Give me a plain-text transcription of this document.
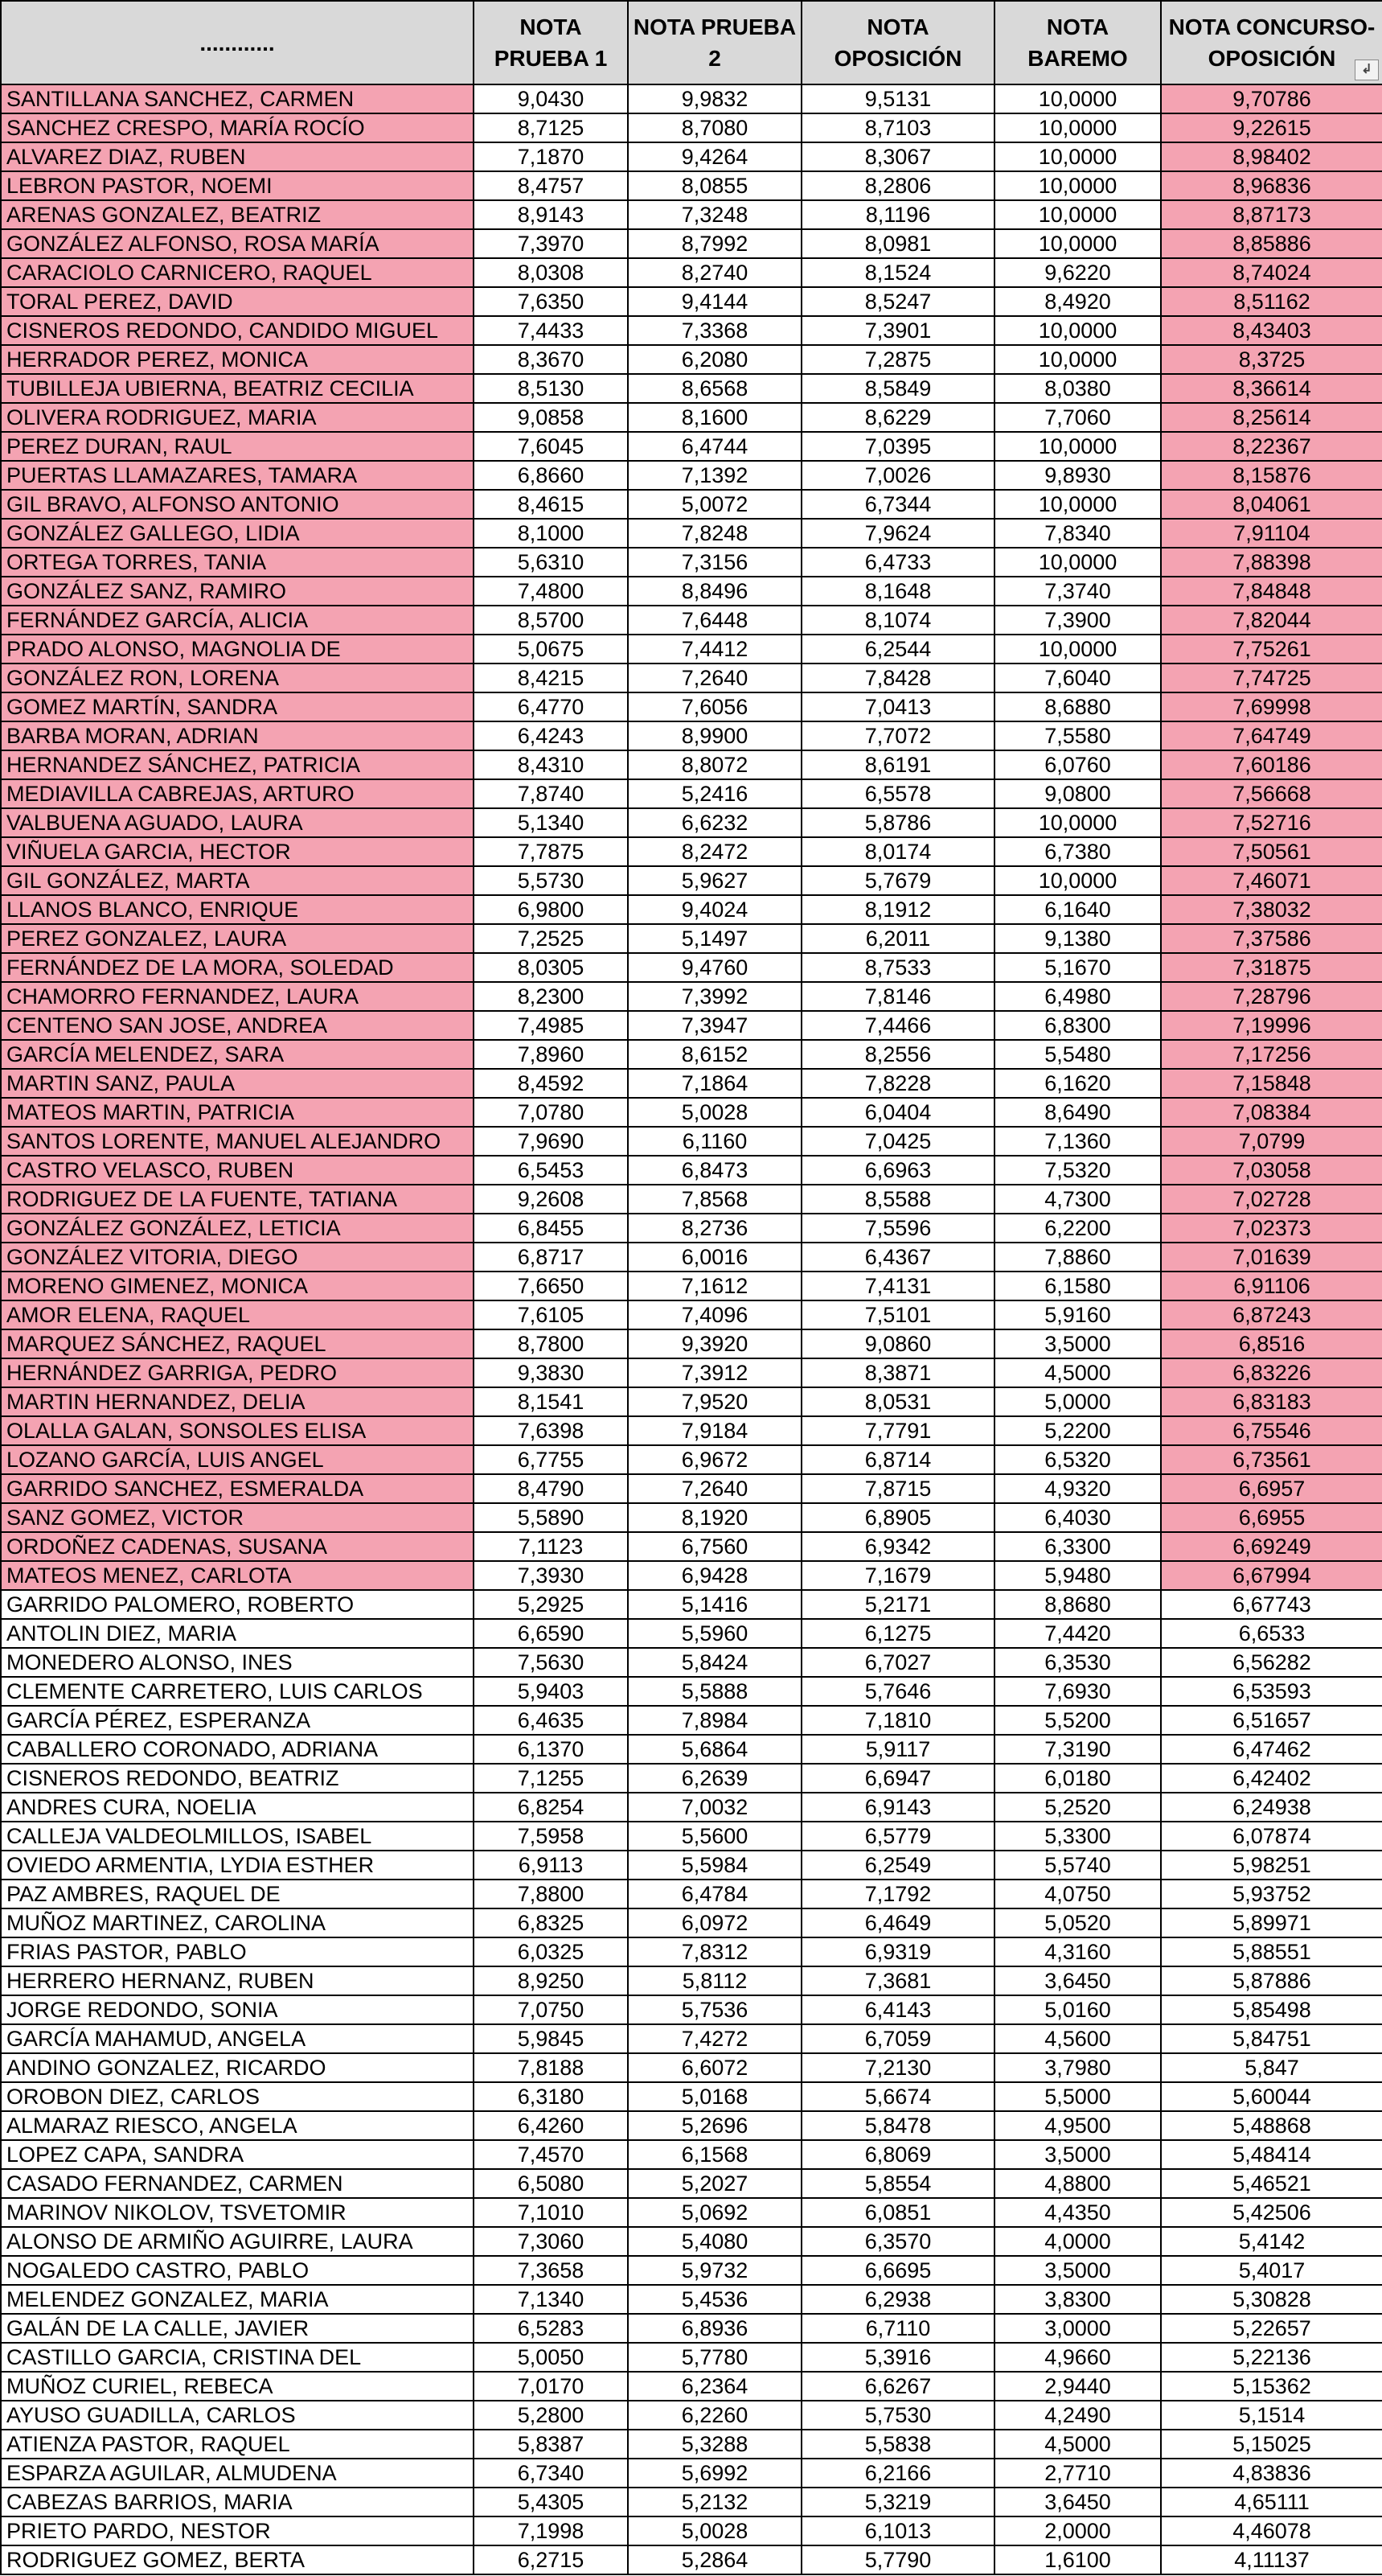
............	NOTA PRUEBA 1	NOTA PRUEBA 2	NOTA OPOSICIÓN	NOTA BAREMO	NOTA CONCURSO-OPOSICIÓN ↲

SANTILLANA SANCHEZ, CARMEN	9,0430	9,9832	9,5131	10,0000	9,70786
SANCHEZ CRESPO, MARÍA ROCÍO	8,7125	8,7080	8,7103	10,0000	9,22615
ALVAREZ DIAZ, RUBEN	7,1870	9,4264	8,3067	10,0000	8,98402
LEBRON PASTOR, NOEMI	8,4757	8,0855	8,2806	10,0000	8,96836
ARENAS GONZALEZ, BEATRIZ	8,9143	7,3248	8,1196	10,0000	8,87173
GONZÁLEZ ALFONSO, ROSA MARÍA	7,3970	8,7992	8,0981	10,0000	8,85886
CARACIOLO CARNICERO, RAQUEL	8,0308	8,2740	8,1524	9,6220	8,74024
TORAL PEREZ, DAVID	7,6350	9,4144	8,5247	8,4920	8,51162
CISNEROS REDONDO, CANDIDO MIGUEL	7,4433	7,3368	7,3901	10,0000	8,43403
HERRADOR PEREZ, MONICA	8,3670	6,2080	7,2875	10,0000	8,3725
TUBILLEJA UBIERNA, BEATRIZ CECILIA	8,5130	8,6568	8,5849	8,0380	8,36614
OLIVERA RODRIGUEZ, MARIA	9,0858	8,1600	8,6229	7,7060	8,25614
PEREZ DURAN, RAUL	7,6045	6,4744	7,0395	10,0000	8,22367
PUERTAS LLAMAZARES, TAMARA	6,8660	7,1392	7,0026	9,8930	8,15876
GIL BRAVO, ALFONSO ANTONIO	8,4615	5,0072	6,7344	10,0000	8,04061
GONZÁLEZ GALLEGO, LIDIA	8,1000	7,8248	7,9624	7,8340	7,91104
ORTEGA TORRES, TANIA	5,6310	7,3156	6,4733	10,0000	7,88398
GONZÁLEZ SANZ, RAMIRO	7,4800	8,8496	8,1648	7,3740	7,84848
FERNÁNDEZ GARCÍA, ALICIA	8,5700	7,6448	8,1074	7,3900	7,82044
PRADO ALONSO, MAGNOLIA DE	5,0675	7,4412	6,2544	10,0000	7,75261
GONZÁLEZ RON, LORENA	8,4215	7,2640	7,8428	7,6040	7,74725
GOMEZ MARTÍN, SANDRA	6,4770	7,6056	7,0413	8,6880	7,69998
BARBA MORAN, ADRIAN	6,4243	8,9900	7,7072	7,5580	7,64749
HERNANDEZ SÁNCHEZ, PATRICIA	8,4310	8,8072	8,6191	6,0760	7,60186
MEDIAVILLA CABREJAS, ARTURO	7,8740	5,2416	6,5578	9,0800	7,56668
VALBUENA AGUADO, LAURA	5,1340	6,6232	5,8786	10,0000	7,52716
VIÑUELA GARCIA, HECTOR	7,7875	8,2472	8,0174	6,7380	7,50561
GIL GONZÁLEZ, MARTA	5,5730	5,9627	5,7679	10,0000	7,46071
LLANOS BLANCO, ENRIQUE	6,9800	9,4024	8,1912	6,1640	7,38032
PEREZ GONZALEZ, LAURA	7,2525	5,1497	6,2011	9,1380	7,37586
FERNÁNDEZ DE LA MORA, SOLEDAD	8,0305	9,4760	8,7533	5,1670	7,31875
CHAMORRO FERNANDEZ, LAURA	8,2300	7,3992	7,8146	6,4980	7,28796
CENTENO SAN JOSE, ANDREA	7,4985	7,3947	7,4466	6,8300	7,19996
GARCÍA MELENDEZ, SARA	7,8960	8,6152	8,2556	5,5480	7,17256
MARTIN SANZ, PAULA	8,4592	7,1864	7,8228	6,1620	7,15848
MATEOS MARTIN, PATRICIA	7,0780	5,0028	6,0404	8,6490	7,08384
SANTOS LORENTE, MANUEL ALEJANDRO	7,9690	6,1160	7,0425	7,1360	7,0799
CASTRO VELASCO, RUBEN	6,5453	6,8473	6,6963	7,5320	7,03058
RODRIGUEZ DE LA FUENTE, TATIANA	9,2608	7,8568	8,5588	4,7300	7,02728
GONZÁLEZ GONZÁLEZ, LETICIA	6,8455	8,2736	7,5596	6,2200	7,02373
GONZÁLEZ VITORIA, DIEGO	6,8717	6,0016	6,4367	7,8860	7,01639
MORENO GIMENEZ, MONICA	7,6650	7,1612	7,4131	6,1580	6,91106
AMOR ELENA, RAQUEL	7,6105	7,4096	7,5101	5,9160	6,87243
MARQUEZ SÁNCHEZ, RAQUEL	8,7800	9,3920	9,0860	3,5000	6,8516
HERNÁNDEZ GARRIGA, PEDRO	9,3830	7,3912	8,3871	4,5000	6,83226
MARTIN HERNANDEZ, DELIA	8,1541	7,9520	8,0531	5,0000	6,83183
OLALLA GALAN, SONSOLES ELISA	7,6398	7,9184	7,7791	5,2200	6,75546
LOZANO GARCÍA, LUIS ANGEL	6,7755	6,9672	6,8714	6,5320	6,73561
GARRIDO SANCHEZ, ESMERALDA	8,4790	7,2640	7,8715	4,9320	6,6957
SANZ GOMEZ, VICTOR	5,5890	8,1920	6,8905	6,4030	6,6955
ORDOÑEZ CADENAS, SUSANA	7,1123	6,7560	6,9342	6,3300	6,69249
MATEOS MENEZ, CARLOTA	7,3930	6,9428	7,1679	5,9480	6,67994
GARRIDO PALOMERO, ROBERTO	5,2925	5,1416	5,2171	8,8680	6,67743
ANTOLIN DIEZ, MARIA	6,6590	5,5960	6,1275	7,4420	6,6533
MONEDERO ALONSO, INES	7,5630	5,8424	6,7027	6,3530	6,56282
CLEMENTE CARRETERO, LUIS CARLOS	5,9403	5,5888	5,7646	7,6930	6,53593
GARCÍA PÉREZ, ESPERANZA	6,4635	7,8984	7,1810	5,5200	6,51657
CABALLERO CORONADO, ADRIANA	6,1370	5,6864	5,9117	7,3190	6,47462
CISNEROS REDONDO, BEATRIZ	7,1255	6,2639	6,6947	6,0180	6,42402
ANDRES CURA, NOELIA	6,8254	7,0032	6,9143	5,2520	6,24938
CALLEJA VALDEOLMILLOS, ISABEL	7,5958	5,5600	6,5779	5,3300	6,07874
OVIEDO ARMENTIA, LYDIA ESTHER	6,9113	5,5984	6,2549	5,5740	5,98251
PAZ AMBRES, RAQUEL DE	7,8800	6,4784	7,1792	4,0750	5,93752
MUÑOZ MARTINEZ, CAROLINA	6,8325	6,0972	6,4649	5,0520	5,89971
FRIAS PASTOR, PABLO	6,0325	7,8312	6,9319	4,3160	5,88551
HERRERO HERNANZ, RUBEN	8,9250	5,8112	7,3681	3,6450	5,87886
JORGE REDONDO, SONIA	7,0750	5,7536	6,4143	5,0160	5,85498
GARCÍA MAHAMUD, ANGELA	5,9845	7,4272	6,7059	4,5600	5,84751
ANDINO GONZALEZ, RICARDO	7,8188	6,6072	7,2130	3,7980	5,847
OROBON DIEZ, CARLOS	6,3180	5,0168	5,6674	5,5000	5,60044
ALMARAZ RIESCO, ANGELA	6,4260	5,2696	5,8478	4,9500	5,48868
LOPEZ CAPA, SANDRA	7,4570	6,1568	6,8069	3,5000	5,48414
CASADO FERNANDEZ, CARMEN	6,5080	5,2027	5,8554	4,8800	5,46521
MARINOV NIKOLOV, TSVETOMIR	7,1010	5,0692	6,0851	4,4350	5,42506
ALONSO DE ARMIÑO AGUIRRE, LAURA	7,3060	5,4080	6,3570	4,0000	5,4142
NOGALEDO CASTRO, PABLO	7,3658	5,9732	6,6695	3,5000	5,4017
MELENDEZ GONZALEZ, MARIA	7,1340	5,4536	6,2938	3,8300	5,30828
GALÁN DE LA CALLE, JAVIER	6,5283	6,8936	6,7110	3,0000	5,22657
CASTILLO GARCIA, CRISTINA DEL	5,0050	5,7780	5,3916	4,9660	5,22136
MUÑOZ CURIEL, REBECA	7,0170	6,2364	6,6267	2,9440	5,15362
AYUSO GUADILLA, CARLOS	5,2800	6,2260	5,7530	4,2490	5,1514
ATIENZA PASTOR, RAQUEL	5,8387	5,3288	5,5838	4,5000	5,15025
ESPARZA AGUILAR, ALMUDENA	6,7340	5,6992	6,2166	2,7710	4,83836
CABEZAS BARRIOS, MARIA	5,4305	5,2132	5,3219	3,6450	4,65111
PRIETO PARDO, NESTOR	7,1998	5,0028	6,1013	2,0000	4,46078
RODRIGUEZ GOMEZ, BERTA	6,2715	5,2864	5,7790	1,6100	4,11137
